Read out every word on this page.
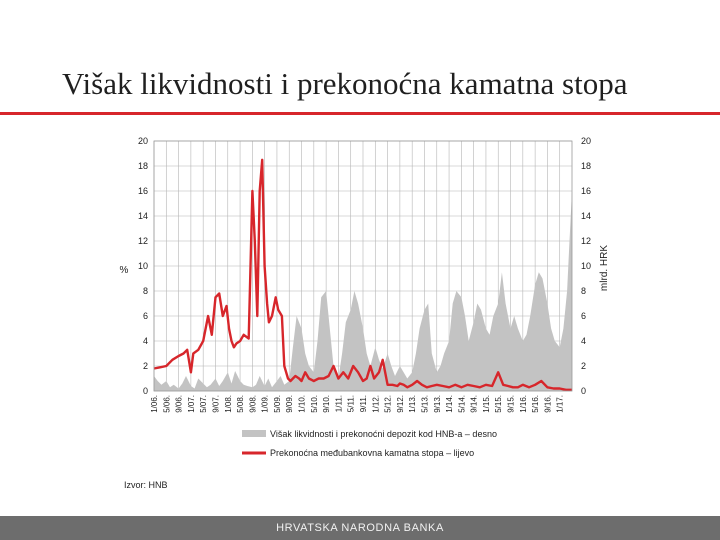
Višak likvidnosti i prekonoćna kamatna stopa
0
2
4
6
8
10
12
14
16
18
20
0
2
4
6
8
10
12
14
16
18
20
1/06. 5/06. 9/06. 1/07. 5/07. 9/07. 1/08. 5/08. 9/08. 1/09. 5/09. 9/09. 1/10. 5/10. 9/10. 1/11. 5/11. 9/11. 1/12. 5/12. 9/12. 1/13. 5/13. 9/13. 1/14. 5/14. 9/14. 1/15. 5/15. 9/15. 1/16. 5/16. 9/16. 1/17.
%	mlrd. HRK
Višak likvidnosti i prekonoćni depozit kod HNB-a – desno
Prekonoćna međubankovna kamatna stopa – lijevo
Izvor: HNB
HRVATSKA NARODNA BANKA
